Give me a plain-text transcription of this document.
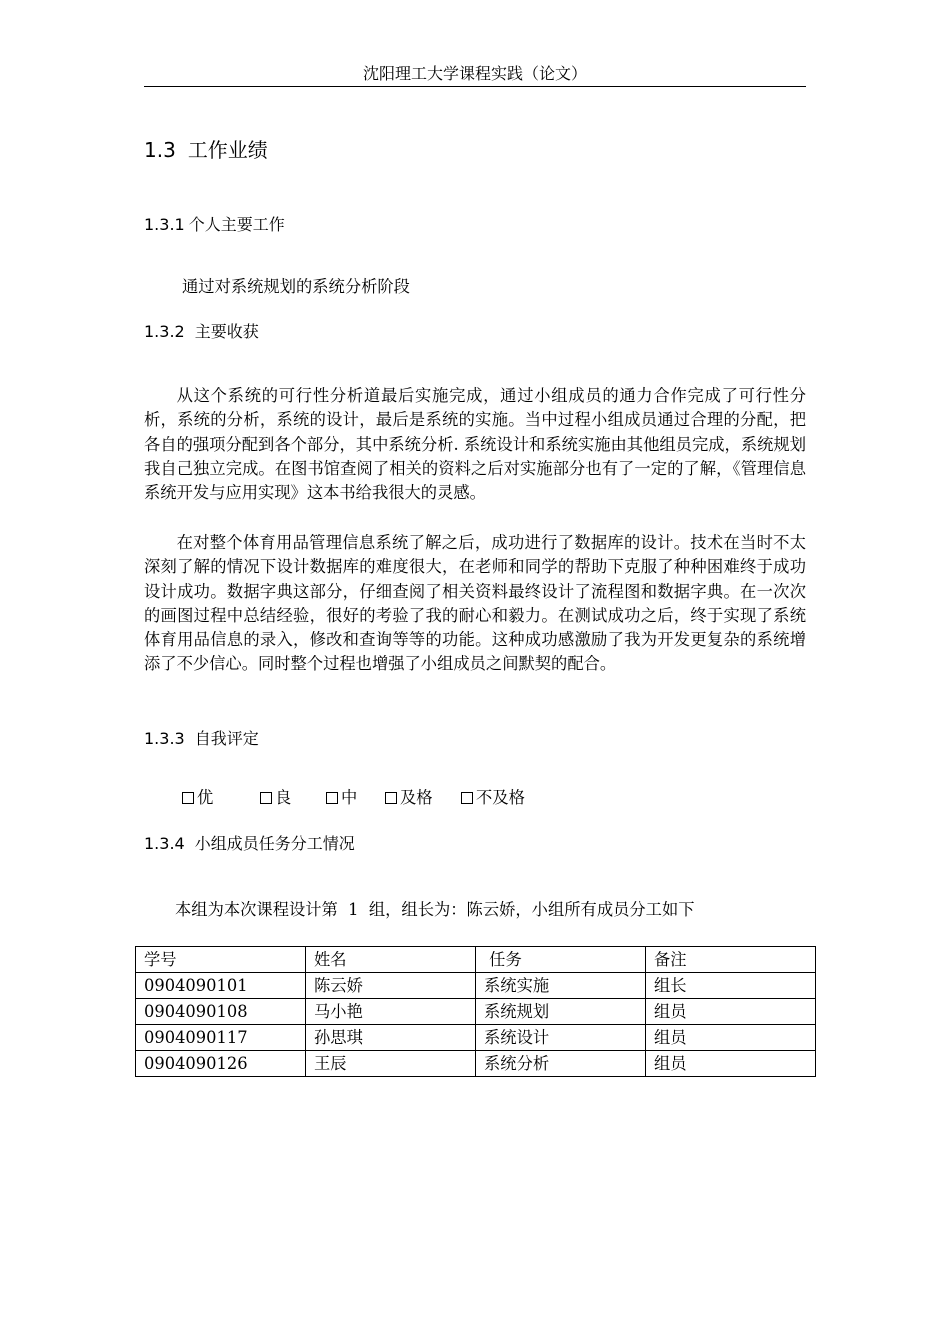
沈阳理工大学课程实践（论文）
1.3 工作业绩
1.3.1 个人主要工作
通过对系统规划的系统分析阶段
1.3.2 主要收获

从这个系统的可行性分析道最后实施完成，通过小组成员的通力合作完成了可行性分析，系统的分析，系统的设计，最后是系统的实施。当中过程小组成员通过合理的分配，把各自的强项分配到各个部分，其中系统分析. 系统设计和系统实施由其他组员完成，系统规划我自己独立完成。在图书馆查阅了相关的资料之后对实施部分也有了一定的了解，《管理信息系统开发与应用实现》这本书给我很大的灵感。

在对整个体育用品管理信息系统了解之后，成功进行了数据库的设计。技术在当时不太深刻了解的情况下设计数据库的难度很大，在老师和同学的帮助下克服了种种困难终于成功设计成功。数据字典这部分，仔细查阅了相关资料最终设计了流程图和数据字典。在一次次的画图过程中总结经验，很好的考验了我的耐心和毅力。在测试成功之后，终于实现了系统体育用品信息的录入，修改和查询等等的功能。这种成功感激励了我为开发更复杂的系统增添了不少信心。同时整个过程也增强了小组成员之间默契的配合。

1.3.3 自我评定
优	良	中	及格	不及格
1.3.4 小组成员任务分工情况
本组为本次课程设计第  1  组，组长为：陈云娇，小组所有成员分工如下
学号	姓名	任务	备注
0904090101	陈云娇	系统实施	组长
0904090108	马小艳	系统规划	组员
0904090117	孙思琪	系统设计	组员
0904090126	王辰	系统分析	组员
